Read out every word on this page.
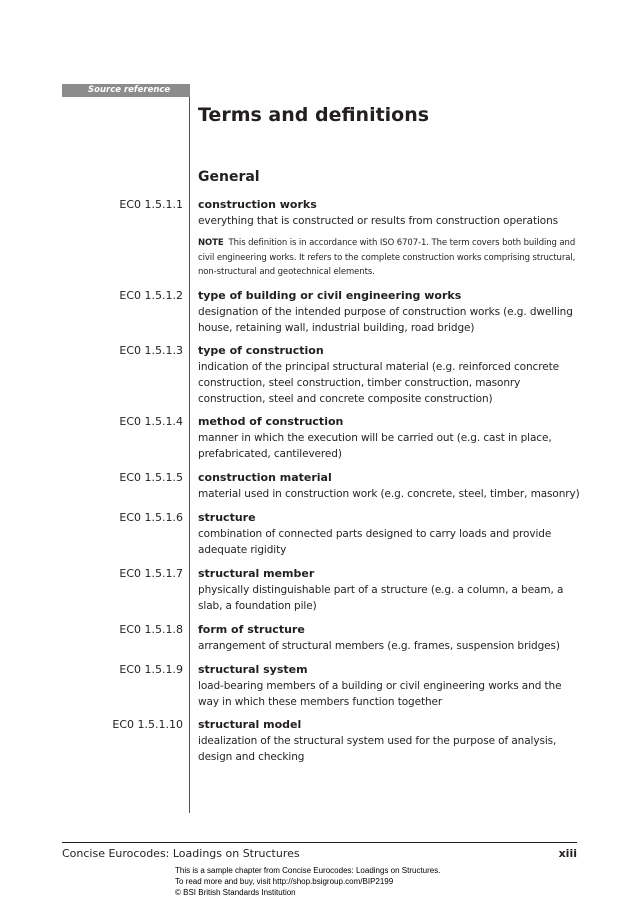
Source reference
Terms and definitions
General
EC0 1.5.1.1 construction works
everything that is constructed or results from construction operations
NOTE This definition is in accordance with ISO 6707-1. The term covers both building and civil engineering works. It refers to the complete construction works comprising structural, non-structural and geotechnical elements.
EC0 1.5.1.2 type of building or civil engineering works
designation of the intended purpose of construction works (e.g. dwelling house, retaining wall, industrial building, road bridge)
EC0 1.5.1.3 type of construction
indication of the principal structural material (e.g. reinforced concrete construction, steel construction, timber construction, masonry construction, steel and concrete composite construction)
EC0 1.5.1.4 method of construction
manner in which the execution will be carried out (e.g. cast in place, prefabricated, cantilevered)
EC0 1.5.1.5 construction material
material used in construction work (e.g. concrete, steel, timber, masonry)
EC0 1.5.1.6 structure
combination of connected parts designed to carry loads and provide adequate rigidity
EC0 1.5.1.7 structural member
physically distinguishable part of a structure (e.g. a column, a beam, a slab, a foundation pile)
EC0 1.5.1.8 form of structure
arrangement of structural members (e.g. frames, suspension bridges)
EC0 1.5.1.9 structural system
load-bearing members of a building or civil engineering works and the way in which these members function together
EC0 1.5.1.10 structural model
idealization of the structural system used for the purpose of analysis, design and checking
Concise Eurocodes: Loadings on Structures	xiii
This is a sample chapter from Concise Eurocodes: Loadings on Structures.
To read more and buy, visit http://shop.bsigroup.com/BIP2199
© BSI British Standards Institution
